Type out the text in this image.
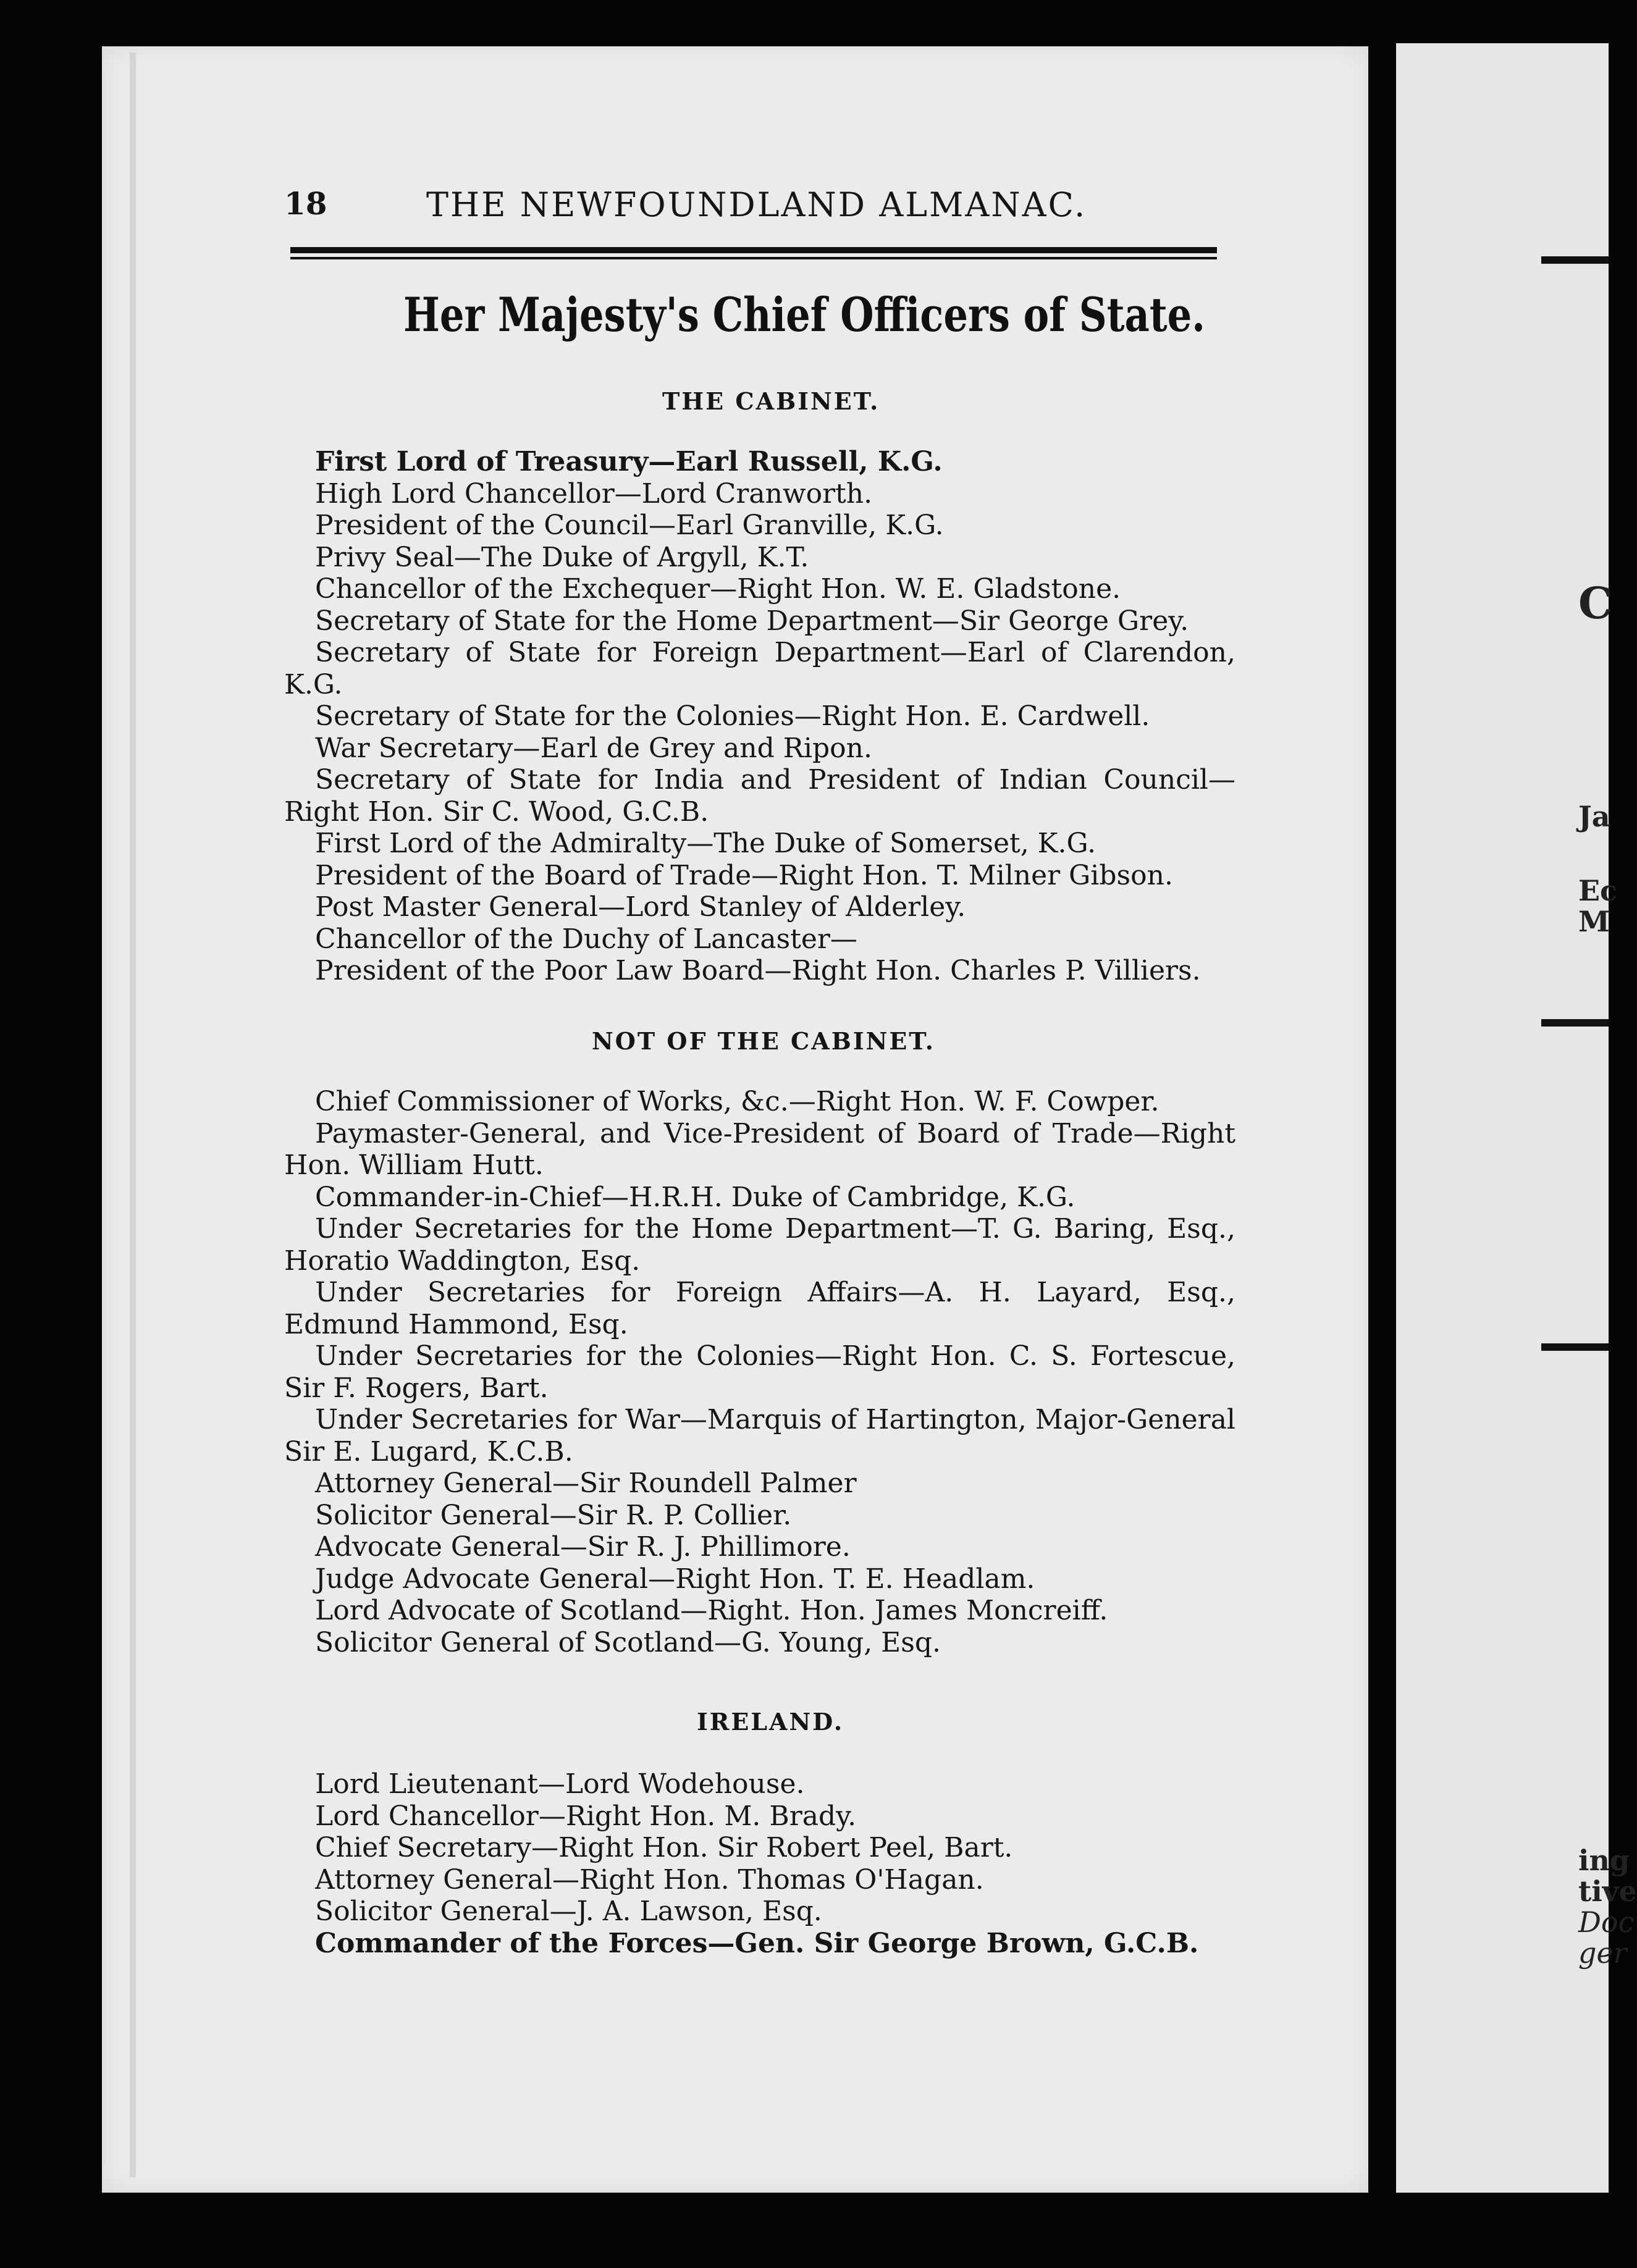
C
Ja
Ec
M
ing
tive
Doc
ger
18	THE NEWFOUNDLAND ALMANAC.
Her Majesty's Chief Officers of State.
THE CABINET.
First Lord of Treasury—Earl Russell, K.G.
High Lord Chancellor—Lord Cranworth.
President of the Council—Earl Granville, K.G.
Privy Seal—The Duke of Argyll, K.T.
Chancellor of the Exchequer—Right Hon. W. E. Gladstone.
Secretary of State for the Home Department—Sir George Grey.
Secretary of State for Foreign Department—Earl of Clarendon, K.G.
Secretary of State for the Colonies—Right Hon. E. Cardwell.
War Secretary—Earl de Grey and Ripon.
Secretary of State for India and President of Indian Council—Right Hon. Sir C. Wood, G.C.B.
First Lord of the Admiralty—The Duke of Somerset, K.G.
President of the Board of Trade—Right Hon. T. Milner Gibson.
Post Master General—Lord Stanley of Alderley.
Chancellor of the Duchy of Lancaster—
President of the Poor Law Board—Right Hon. Charles P. Villiers.
NOT OF THE CABINET.
Chief Commissioner of Works, &c.—Right Hon. W. F. Cowper.
Paymaster-General, and Vice-President of Board of Trade—Right Hon. William Hutt.
Commander-in-Chief—H.R.H. Duke of Cambridge, K.G.
Under Secretaries for the Home Department—T. G. Baring, Esq., Horatio Waddington, Esq.
Under Secretaries for Foreign Affairs—A. H. Layard, Esq., Edmund Hammond, Esq.
Under Secretaries for the Colonies—Right Hon. C. S. Fortescue, Sir F. Rogers, Bart.
Under Secretaries for War—Marquis of Hartington, Major-General Sir E. Lugard, K.C.B.
Attorney General—Sir Roundell Palmer
Solicitor General—Sir R. P. Collier.
Advocate General—Sir R. J. Phillimore.
Judge Advocate General—Right Hon. T. E. Headlam.
Lord Advocate of Scotland—Right. Hon. James Moncreiff.
Solicitor General of Scotland—G. Young, Esq.
IRELAND.
Lord Lieutenant—Lord Wodehouse.
Lord Chancellor—Right Hon. M. Brady.
Chief Secretary—Right Hon. Sir Robert Peel, Bart.
Attorney General—Right Hon. Thomas O'Hagan.
Solicitor General—J. A. Lawson, Esq.
Commander of the Forces—Gen. Sir George Brown, G.C.B.
